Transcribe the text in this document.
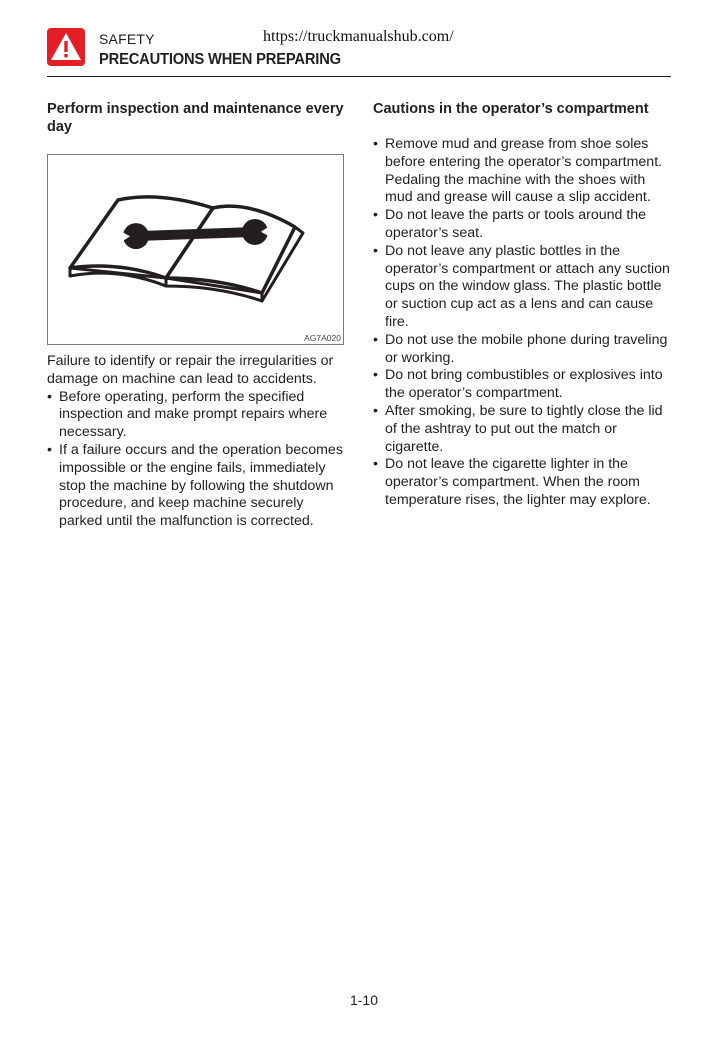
SAFETY	https://truckmanualshub.com/
PRECAUTIONS WHEN PREPARING
Perform inspection and maintenance every day
AG7A020

Failure to identify or repair the irregularities or damage on machine can lead to accidents.

• Before operating, perform the specified inspection and make prompt repairs where necessary.
• If a failure occurs and the operation becomes impossible or the engine fails, immediately stop the machine by following the shutdown procedure, and keep machine securely parked until the malfunction is corrected.
Cautions in the operator’s compartment
• Remove mud and grease from shoe soles before entering the operator’s compartment. Pedaling the machine with the shoes with mud and grease will cause a slip accident.
• Do not leave the parts or tools around the operator’s seat.
• Do not leave any plastic bottles in the operator’s compartment or attach any suction cups on the window glass. The plastic bottle or suction cup act as a lens and can cause fire.
• Do not use the mobile phone during traveling or working.
• Do not bring combustibles or explosives into the operator’s compartment.
• After smoking, be sure to tightly close the lid of the ashtray to put out the match or cigarette.
• Do not leave the cigarette lighter in the operator’s compartment. When the room temperature rises, the lighter may explore.
1-10
